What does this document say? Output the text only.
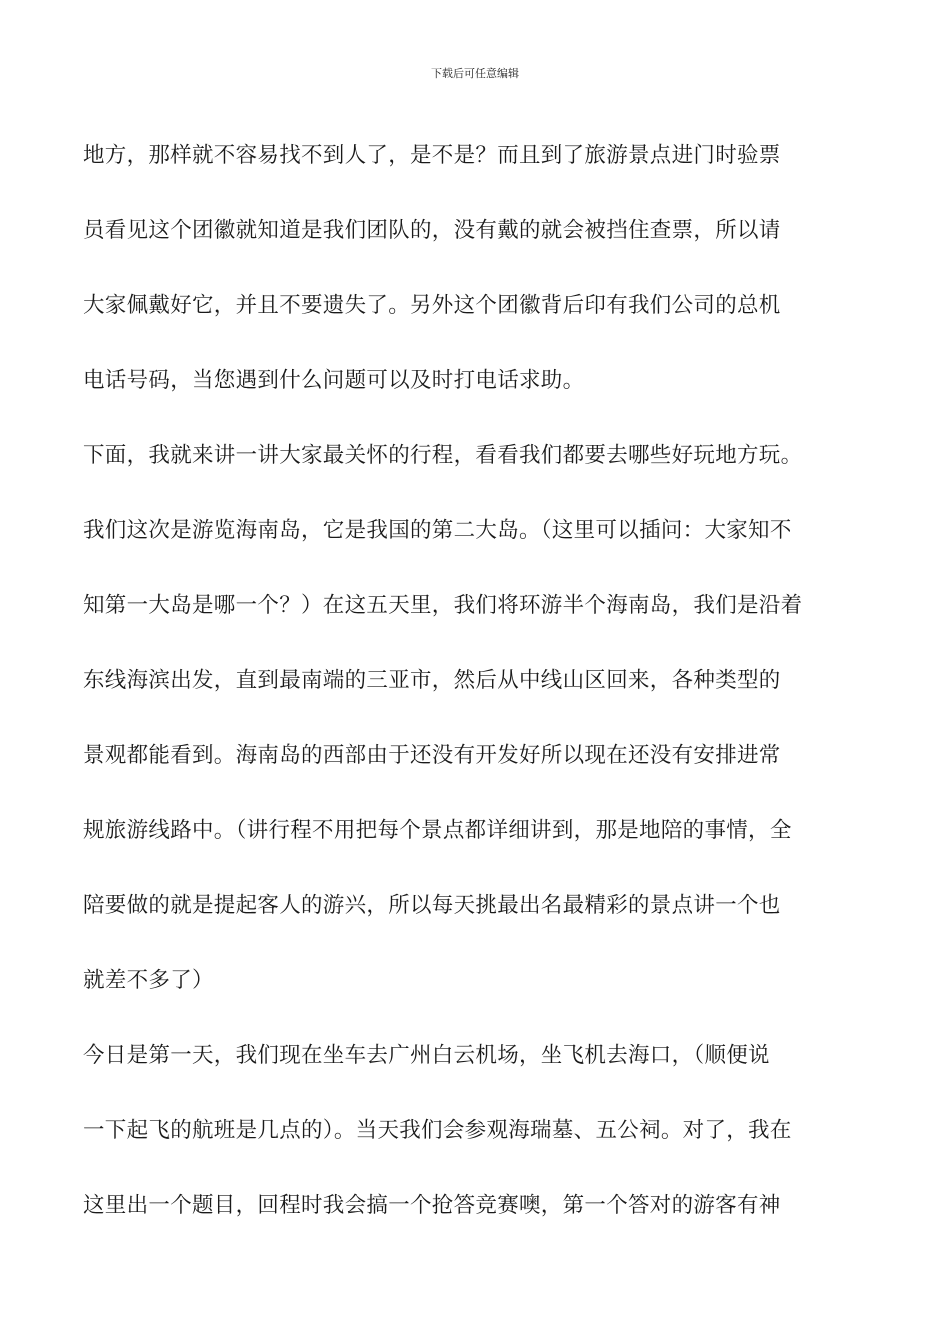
下载后可任意编辑

地方，那样就不容易找不到人了，是不是？而且到了旅游景点进门时验票
员看见这个团徽就知道是我们团队的，没有戴的就会被挡住查票，所以请
大家佩戴好它，并且不要遗失了。另外这个团徽背后印有我们公司的总机
电话号码，当您遇到什么问题可以及时打电话求助。

下面，我就来讲一讲大家最关怀的行程，看看我们都要去哪些好玩地方玩。

我们这次是游览海南岛，它是我国的第二大岛。（这里可以插问：大家知不
知第一大岛是哪一个？）在这五天里，我们将环游半个海南岛，我们是沿着
东线海滨出发，直到最南端的三亚市，然后从中线山区回来，各种类型的
景观都能看到。海南岛的西部由于还没有开发好所以现在还没有安排进常
规旅游线路中。（讲行程不用把每个景点都详细讲到，那是地陪的事情，全
陪要做的就是提起客人的游兴，所以每天挑最出名最精彩的景点讲一个也
就差不多了）

今日是第一天，我们现在坐车去广州白云机场，坐飞机去海口，（顺便说
一下起飞的航班是几点的）。当天我们会参观海瑞墓、五公祠。对了，我在
这里出一个题目，回程时我会搞一个抢答竞赛噢，第一个答对的游客有神
